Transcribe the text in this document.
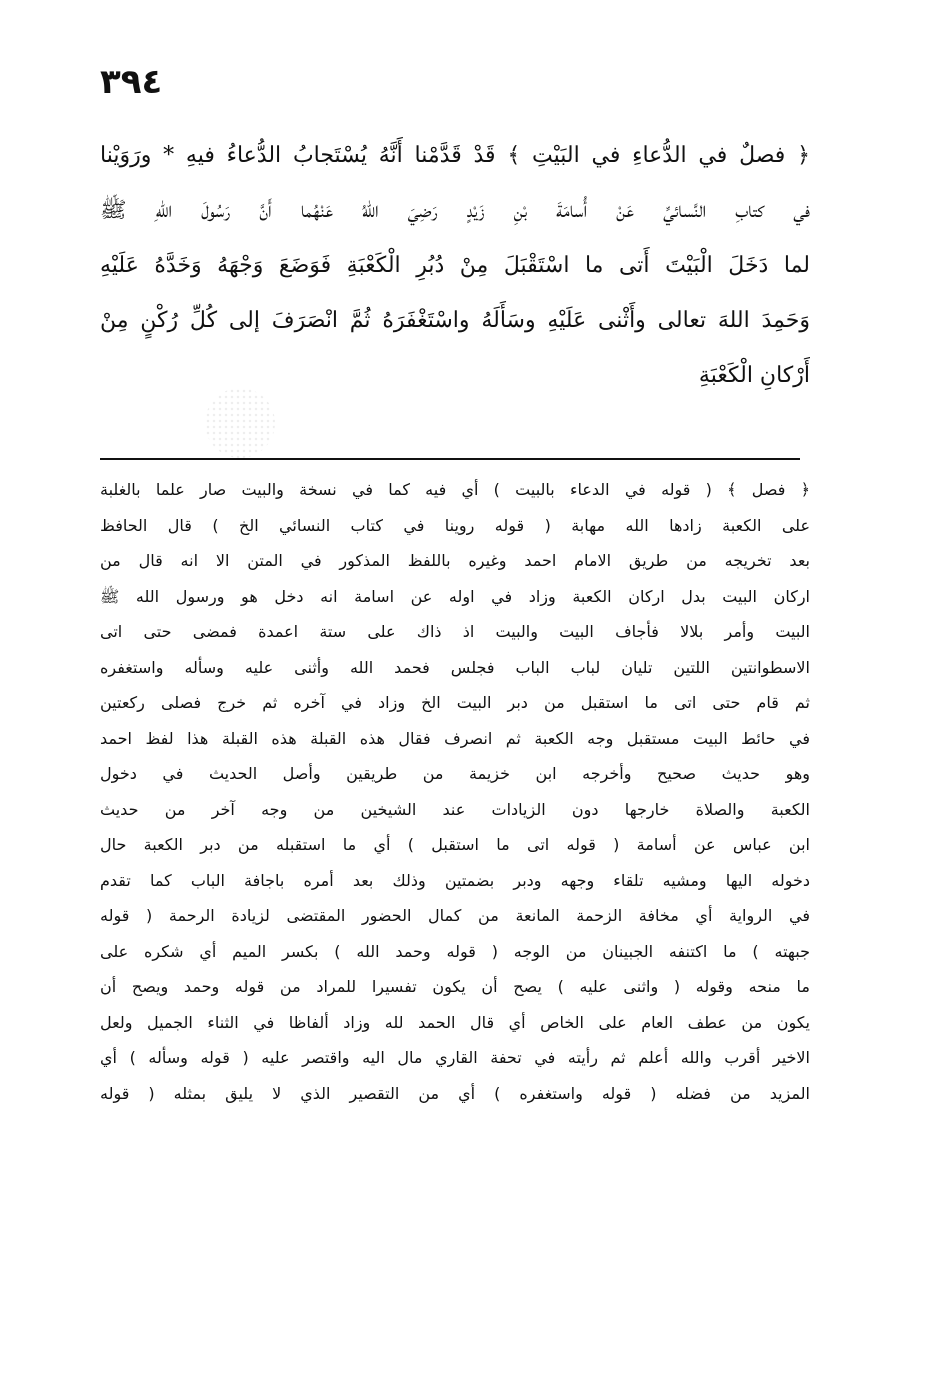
٣٩٤
﴿ فصلٌ في الدُّعاءِ في البَيْتِ ﴾ قَدْ قَدَّمْنا أَنَّهُ يُسْتَجابُ الدُّعاءُ فيهِ * ورَوَيْنا
في كتابِ النَّسائيِّ عَنْ أُسامَةَ بْنِ زَيْدٍ رَضِيَ اللهُ عَنْهُما أَنَّ رَسُولَ اللهِ ﷺ
لما دَخَلَ الْبَيْتَ أَتى ما اسْتَقْبَلَ مِنْ دُبُرِ الْكَعْبَةِ فَوَضَعَ وَجْهَهُ وَخَدَّهُ عَلَيْهِ
وَحَمِدَ اللهَ تعالى وأَثْنى عَلَيْهِ وسَأَلَهُ واسْتَغْفَرَهُ ثُمَّ انْصَرَفَ إلى كُلِّ رُكْنٍ مِنْ
أَرْكانِ الْكَعْبَةِ
﴿ فصل ﴾ ( قوله في الدعاء بالبيت ) أي فيه كما في نسخة والبيت صار علما بالغلبة
على الكعبة زادها الله مهابة ( قوله روينا في كتاب النسائي الخ ) قال الحافظ
بعد تخريجه من طريق الامام احمد وغيره باللفظ المذكور في المتن الا انه قال من
اركان البيت بدل اركان الكعبة وزاد في اوله عن اسامة انه دخل هو ورسول الله ﷺ
البيت وأمر بلالا فأجاف البيت والبيت اذ ذاك على ستة اعمدة فمضى حتى اتى
الاسطوانتين اللتين تليان لباب الباب فجلس فحمد الله وأثنى عليه وسأله واستغفره
ثم قام حتى اتى ما استقبل من دبر البيت الخ وزاد في آخره ثم خرج فصلى ركعتين
في حائط البيت مستقبل وجه الكعبة ثم انصرف فقال هذه القبلة هذه القبلة هذا لفظ احمد
وهو حديث صحيح وأخرجه ابن خزيمة من طريقين وأصل الحديث في دخول
الكعبة والصلاة خارجها دون الزيادات عند الشيخين من وجه آخر من حديث
ابن عباس عن أسامة ( قوله اتى ما استقبل ) أي ما استقبله من دبر الكعبة حال
دخوله اليها ومشيه تلقاء وجهه ودبر بضمتين وذلك بعد أمره باجافة الباب كما تقدم
في الرواية أي مخافة الزحمة المانعة من كمال الحضور المقتضى لزيادة الرحمة ( قوله
جبهته ) ما اكتنفه الجبينان من الوجه ( قوله وحمد الله ) بكسر الميم أي شكره على
ما منحه وقوله ( واثنى عليه ) يصح أن يكون تفسيرا للمراد من قوله وحمد ويصح أن
يكون من عطف العام على الخاص أي قال الحمد لله وزاد ألفاظا في الثناء الجميل ولعل
الاخير أقرب والله أعلم ثم رأيته في تحفة القاري مال اليه واقتصر عليه ( قوله وسأله ) أي
المزيد من فضله ( قوله واستغفره ) أي من التقصير الذي لا يليق بمثله ( قوله
